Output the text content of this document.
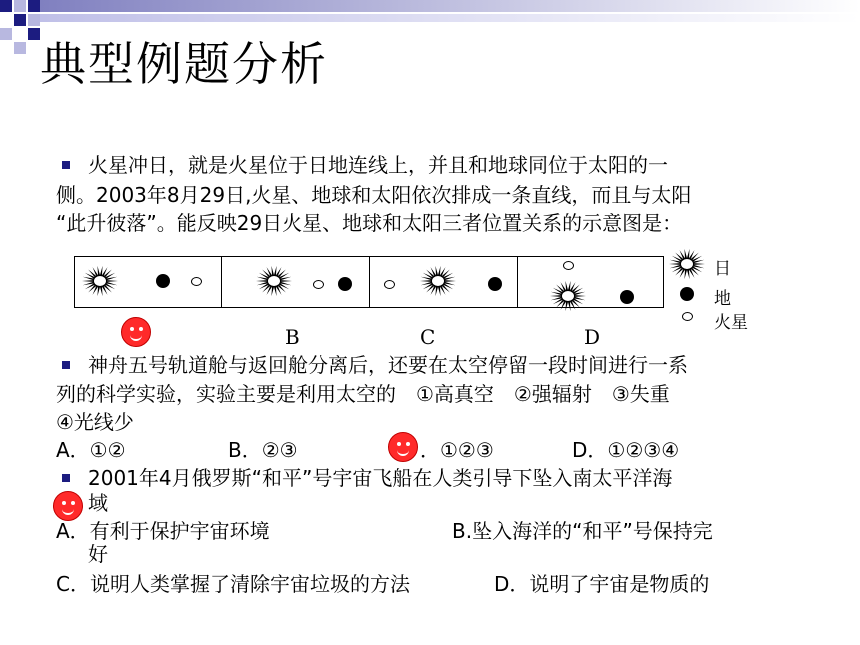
典型例题分析
火星冲日，就是火星位于日地连线上，并且和地球同位于太阳的一
侧。2003年8月29日,火星、地球和太阳依次排成一条直线，而且与太阳
“此升彼落”。能反映29日火星、地球和太阳三者位置关系的示意图是：
日
地
火星
B	C	D
神舟五号轨道舱与返回舱分离后，还要在太空停留一段时间进行一系
列的科学实验，实验主要是利用太空的　①高真空　②强辐射　③失重
④光线少
A．①②	B．②③	．①②③	D．①②③④
2001年4月俄罗斯“和平”号宇宙飞船在人类引导下坠入南太平洋海
域
A．有利于保护宇宙环境	B.坠入海洋的“和平”号保持完
好
C．说明人类掌握了清除宇宙垃圾的方法	D．说明了宇宙是物质的
